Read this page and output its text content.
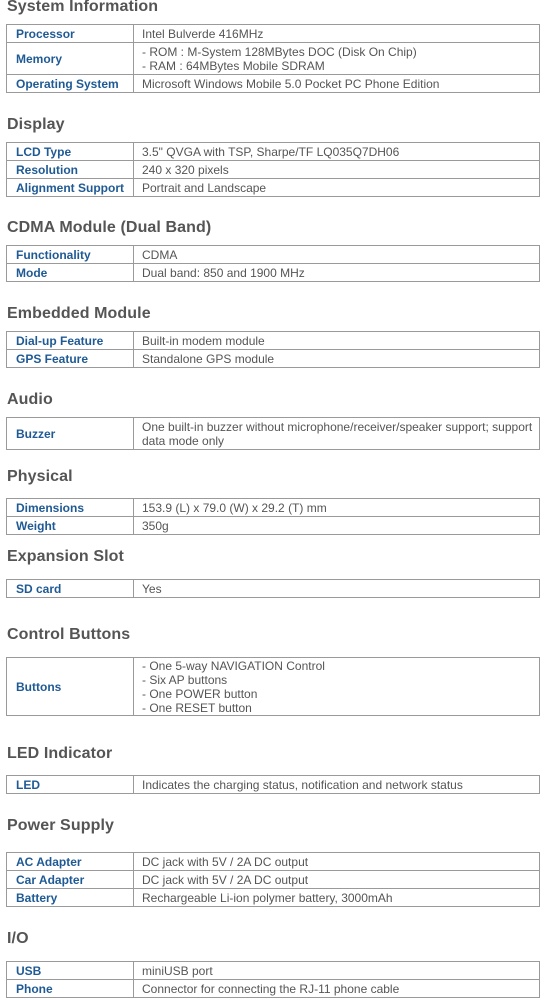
System Information
Processor	Intel Bulverde 416MHz

Memory	- ROM : M-System 128MBytes DOC (Disk On Chip)
- RAM : 64MBytes Mobile SDRAM

Operating System	Microsoft Windows Mobile 5.0 Pocket PC Phone Edition
Display
LCD Type	3.5" QVGA with TSP, Sharpe/TF LQ035Q7DH06

Resolution	240 x 320 pixels

Alignment Support	Portrait and Landscape
CDMA Module (Dual Band)
Functionality	CDMA

Mode	Dual band: 850 and 1900 MHz
Embedded Module
Dial-up Feature	Built-in modem module

GPS Feature	Standalone GPS module
Audio
Buzzer	One built-in buzzer without microphone/receiver/speaker support; support
data mode only
Physical
Dimensions	153.9 (L) x 79.0 (W) x 29.2 (T) mm

Weight	350g
Expansion Slot
SD card	Yes
Control Buttons
Buttons	
- One 5-way NAVIGATION Control
- Six AP buttons
- One POWER button
- One RESET button
LED Indicator
LED	Indicates the charging status, notification and network status
Power Supply
AC Adapter	DC jack with 5V / 2A DC output

Car Adapter	DC jack with 5V / 2A DC output

Battery	Rechargeable Li-ion polymer battery, 3000mAh
I/O
USB	miniUSB port

Phone	Connector for connecting the RJ-11 phone cable
